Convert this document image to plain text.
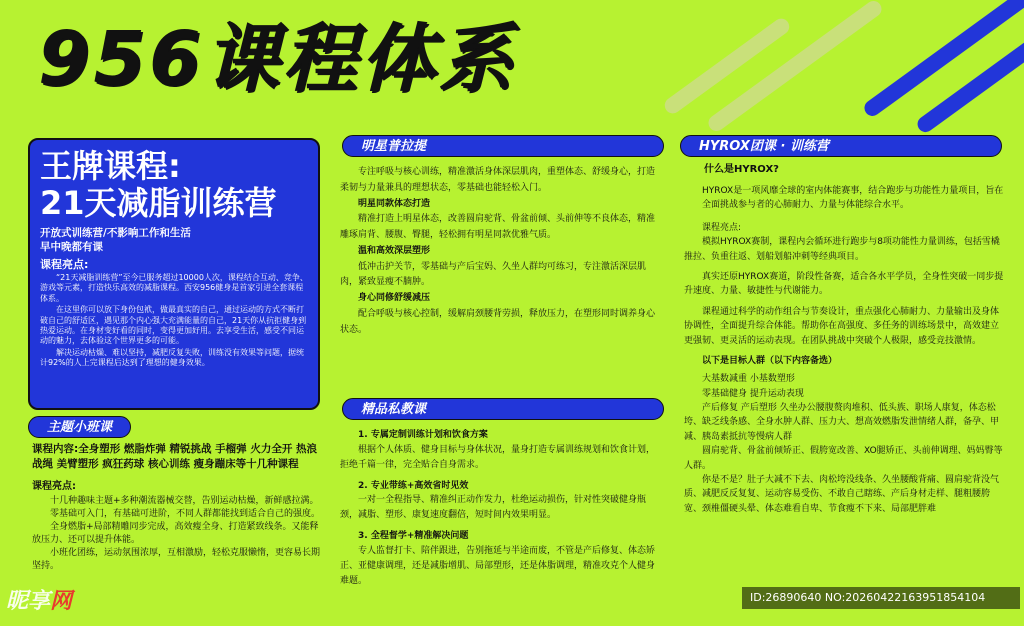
956课程体系
王牌课程:
21天减脂训练营
开放式训练营/不影响工作和生活
早中晚都有课
课程亮点:

“21天减脂训练营”至今已服务超过10000人次，课程结合互动、竞争、游戏等元素，打造快乐高效的减脂课程。西安956健身是首家引进全套课程体系。

在这里你可以放下身份包袱，做最真实的自己，通过运动的方式不断打破自己的舒适区，遇见那个内心强大充满能量的自己，21天你从抗拒健身到热爱运动。在身材变好看的同时，变得更加好用。去享受生活，感受不同运动的魅力，去体验这个世界更多的可能。

解决运动枯燥、难以坚持，减肥反复失败，训练没有效果等问题，据统计92%的人上完课程后达到了理想的健身效果。

主题小班课

课程内容:全身塑形 燃脂炸弹 精锐挑战 手榴弹 火力全开 热浪战绳 美臂塑形 疯狂药球 核心训练 瘦身蹦床等十几种课程

课程亮点:

十几种趣味主题+多种潮流器械交替，告别运动枯燥，新鲜感拉满。

零基础可入门，有基础可进阶，不同人群都能找到适合自己的强度。

全身燃脂+局部精雕同步完成，高效瘦全身、打造紧致线条。又能释放压力、还可以提升体能。

小班化团练，运动氛围浓厚，互相激励，轻松克服懒惰，更容易长期坚持。

明星普拉提

专注呼吸与核心训练，精准激活身体深层肌肉，重塑体态、舒缓身心，打造柔韧与力量兼具的理想状态，零基础也能轻松入门。

明星同款体态打造

精准打造上明星体态，改善圆肩驼背、骨盆前倾、头前伸等不良体态，精准雕琢肩背、腰腹、臀腿，轻松拥有明星同款优雅气质。

温和高效深层塑形

低冲击护关节，零基础与产后宝妈、久坐人群均可练习，专注激活深层肌肉，紧致显瘦不腩肿。

身心同修舒缓减压

配合呼吸与核心控制，缓解肩颈腰背劳损，释放压力，在塑形同时调养身心状态。

精品私教课

1. 专属定制训练计划和饮食方案

根据个人体质、健身目标与身体状况，量身打造专属训练规划和饮食计划，拒绝千篇一律，完全贴合自身需求。

2. 专业带练+高效省时见效

一对一全程指导、精准纠正动作发力，杜绝运动损伤，针对性突破健身瓶颈，减脂、塑形、康复速度翻倍，短时间内效果明显。

3. 全程督学+精准解决问题

专人监督打卡、陪伴跟进，告别拖延与半途而废，不管是产后修复、体态矫正、亚健康调理，还是减脂增肌、局部塑形，还是体脂调理，精准攻克个人健身难题。

HYROX团课 · 训练营

什么是HYROX?

HYROX是一项风靡全球的室内体能赛事，结合跑步与功能性力量项目，旨在

全面挑战参与者的心肺耐力、力量与体能综合水平。

课程亮点:

模拟HYROX赛制，课程内会循环进行跑步与8项功能性力量训练，包括雪橇推拉、负重往返、划船划船冲刺等经典项目。

真实还原HYROX赛道，阶段性备赛，适合各水平学员，全身性突破一同步提升速度、力量、敏捷性与代谢能力。

课程通过科学的动作组合与节奏设计，重点强化心肺耐力、力量输出及身体协调性，全面提升综合体能。帮助你在高强度、多任务的训练场景中，高效建立更强韧、更灵活的运动表现。在团队挑战中突破个人极限，感受竞技激情。

以下是目标人群（以下内容备选）

大基数减重 小基数塑形

零基础健身 提升运动表现

产后修复 产后塑形 久坐办公腰腹赘肉堆积、低头族、职场人康复，体态松垮、缺乏线条感、全身水肿人群、压力大、想高效燃脂发泄情绪人群，备孕、甲减、胰岛素抵抗等慢病人群

圆肩驼背、骨盆前倾矫正、假胯宽改善、XO腿矫正、头前伸调理、妈妈臀等人群。

你是不是？肚子大减不下去、肉松垮没线条、久坐腰酸背痛、圆肩驼背没气质、减肥反反复复、运动容易受伤、不敢自己瞎练、产后身材走样、腿粗腰胯宽、颈椎僵硬头晕、体态难看自卑、节食瘦不下来、局部肥胖难

昵享网	ID:26890640 NO:20260422163951854104
